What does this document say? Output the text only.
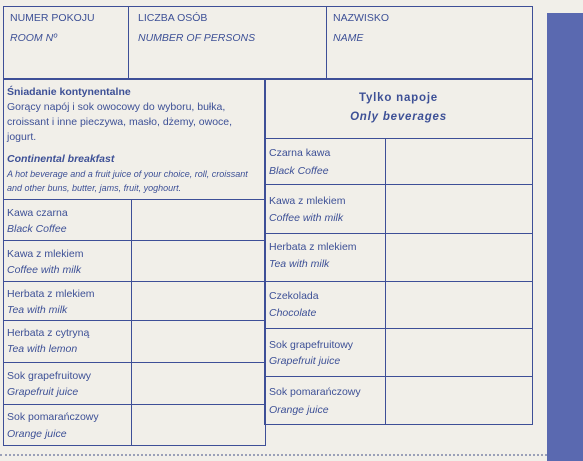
NUMER POKOJU
ROOM Nº
LICZBA OSÓB
NUMBER OF PERSONS
NAZWISKO
NAME
Śniadanie kontynentalne
Gorący napój i sok owocowy do wyboru, bułka,
croissant i inne pieczywa, masło, dżemy, owoce,
jogurt.
Continental breakfast
A hot beverage and a fruit juice of your choice, roll, croissant
and other buns, butter, jams, fruit, yoghourt.
Kawa czarna
Black Coffee
Kawa z mlekiem
Coffee with milk
Herbata z mlekiem
Tea with milk
Herbata z cytryną
Tea with lemon
Sok grapefruitowy
Grapefruit juice
Sok pomarańczowy
Orange juice
Tylko napoje
Only beverages
Czarna kawa
Black Coffee
Kawa z mlekiem
Coffee with milk
Herbata z mlekiem
Tea with milk
Czekolada
Chocolate
Sok grapefruitowy
Grapefruit juice
Sok pomarańczowy
Orange juice
